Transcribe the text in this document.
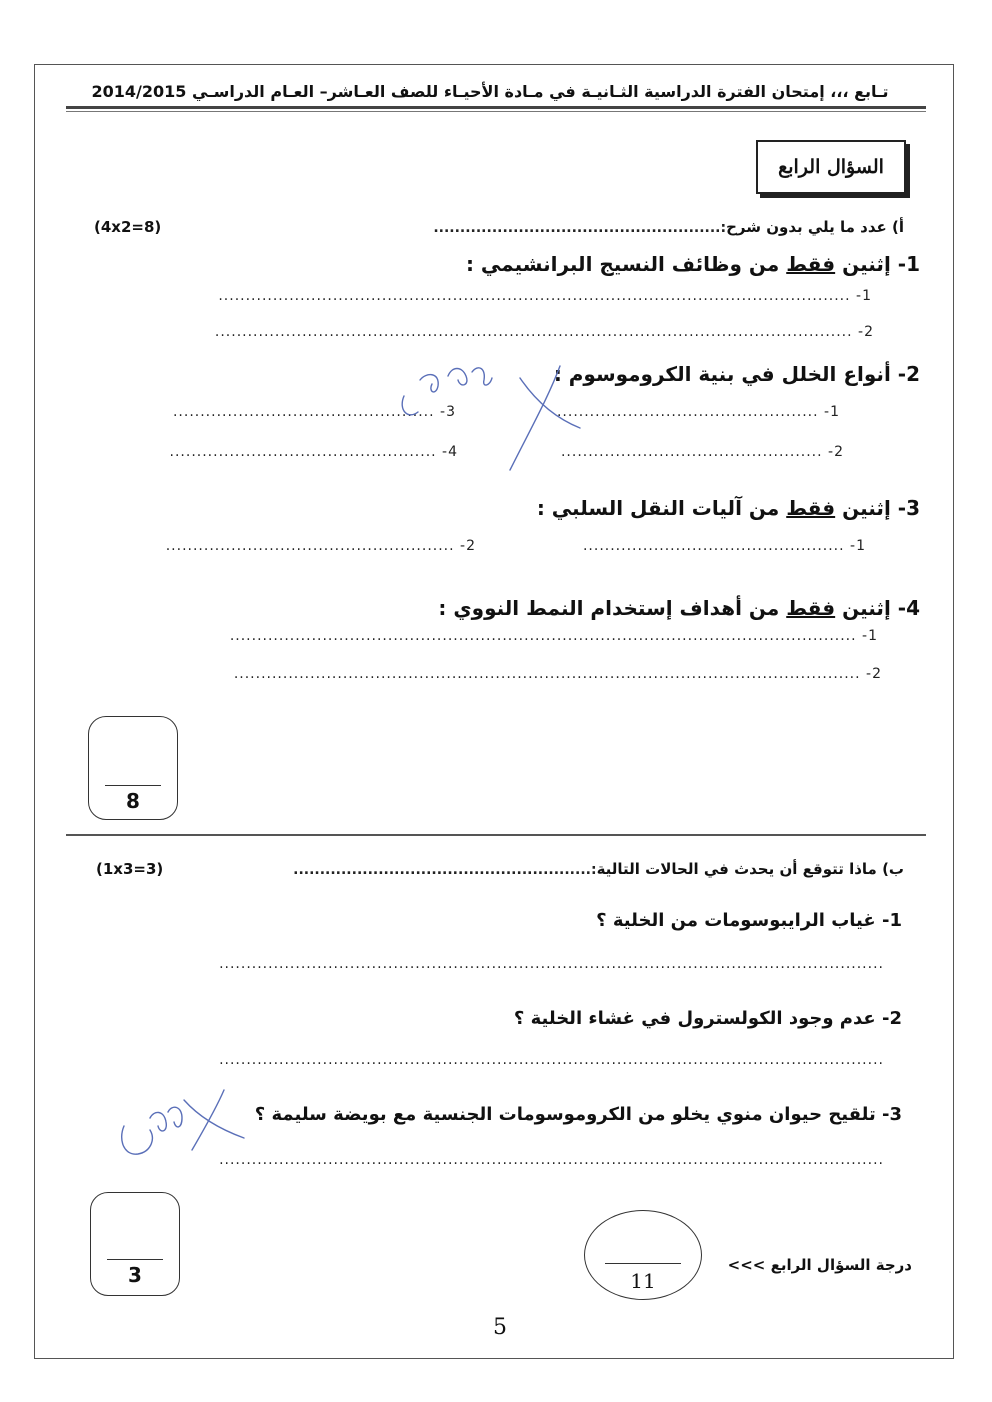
تـابع ،،، إمتحان الفترة الدراسية الثـانيـة في مـادة الأحيـاء للصف العـاشر– العـام الدراسـي 2014/2015
السؤال الرابع
أ) عدد ما يلي بدون شرح:......................................................
(4x2=8)
1- إثنين فقط من وظائف النسيج البرانشيمي :
.................................................................................................................... -1
..................................................................................................................... -2
2- أنواع الخلل في بنية الكروموسوم :
................................................ -1
................................................ -2
................................................ -3
................................................. -4
3- إثنين فقط من آليات النقل السلبي :
................................................ -1
..................................................... -2
4- إثنين فقط من أهداف إستخدام النمط النووي :
................................................................................................................... -1
................................................................................................................... -2
8
ب) ماذا تتوقع أن يحدث في الحالات التالية:........................................................
(1x3=3)
1- غياب الرايبوسومات من الخلية ؟
..........................................................................................................................
2- عدم وجود الكولسترول في غشاء الخلية ؟
..........................................................................................................................
3- تلقيح حيوان منوي يخلو من الكروموسومات الجنسية مع بويضة سليمة ؟
..........................................................................................................................
3	11
درجة السؤال الرابع <<<
5
